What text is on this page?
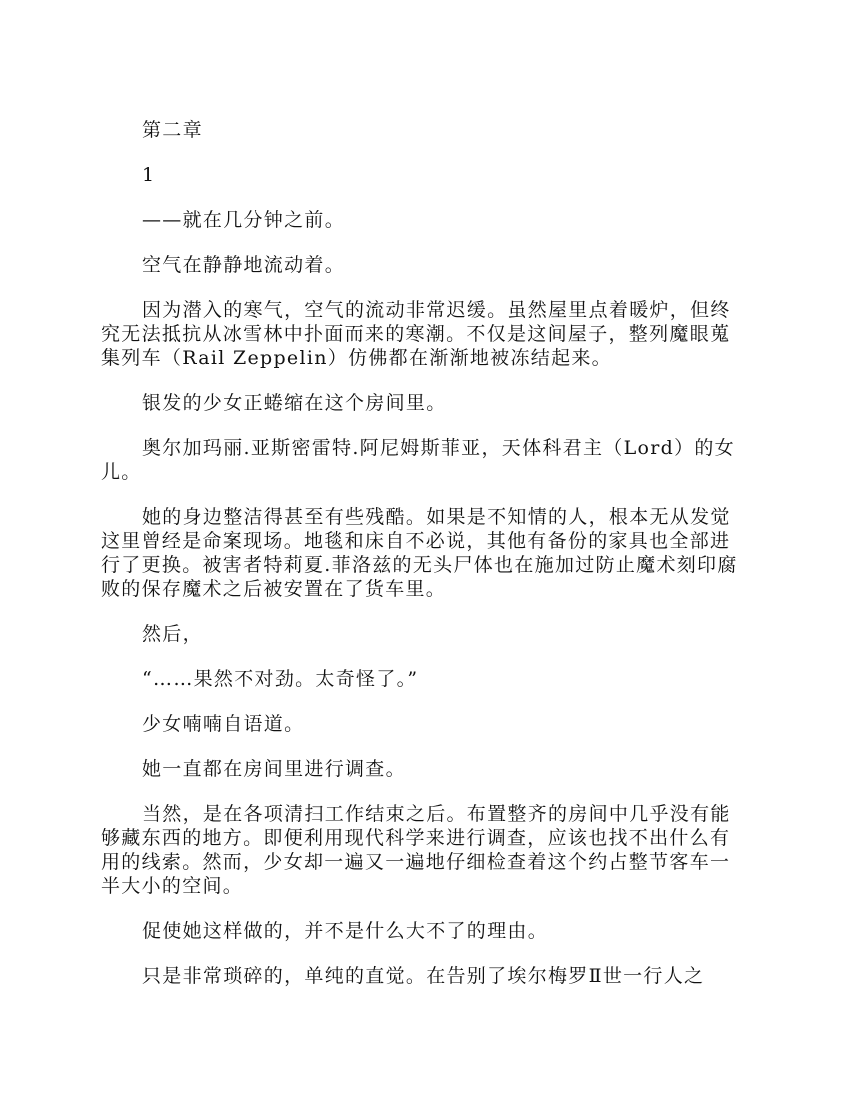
第二章

1

——就在几分钟之前。

空气在静静地流动着。

因为潜入的寒气，空气的流动非常迟缓。虽然屋里点着暖炉，但终究无法抵抗从冰雪林中扑面而来的寒潮。不仅是这间屋子，整列魔眼蒐集列车（Rail Zeppelin）仿佛都在渐渐地被冻结起来。

银发的少女正蜷缩在这个房间里。

奥尔加玛丽.亚斯密雷特.阿尼姆斯菲亚，天体科君主（Lord）的女儿。

她的身边整洁得甚至有些残酷。如果是不知情的人，根本无从发觉这里曾经是命案现场。地毯和床自不必说，其他有备份的家具也全部进行了更换。被害者特莉夏.菲洛兹的无头尸体也在施加过防止魔术刻印腐败的保存魔术之后被安置在了货车里。

然后，

“……果然不对劲。太奇怪了。”

少女喃喃自语道。

她一直都在房间里进行调查。

当然，是在各项清扫工作结束之后。布置整齐的房间中几乎没有能够藏东西的地方。即便利用现代科学来进行调查，应该也找不出什么有用的线索。然而，少女却一遍又一遍地仔细检查着这个约占整节客车一半大小的空间。

促使她这样做的，并不是什么大不了的理由。

只是非常琐碎的，单纯的直觉。在告别了埃尔梅罗Ⅱ世一行人之
